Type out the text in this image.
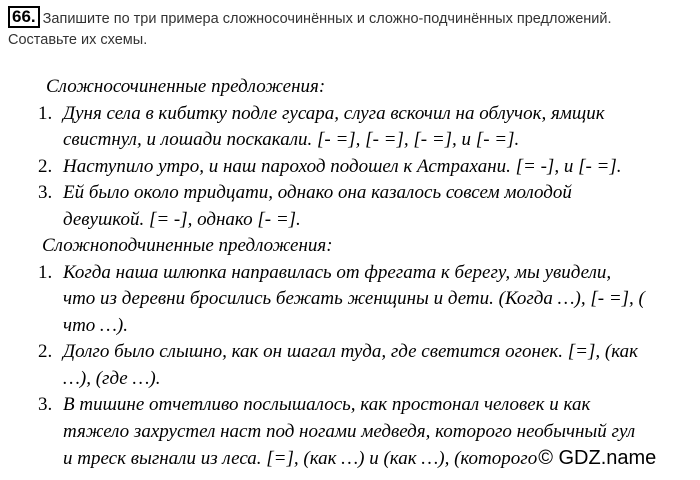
66. Запишите по три примера сложносочинённых и сложно-подчинённых предложений.
Составьте их схемы.
Сложносочиненные предложения:
1. Дуня села в кибитку подле гусара, слуга вскочил на облучок, ямщик
свистнул, и лошади поскакали. [- =], [- =], [- =], и [- =].
2. Наступило утро, и наш пароход подошел к Астрахани. [= -], и [- =].
3. Ей было около тридцати, однако она казалось совсем молодой
девушкой. [= -], однако [- =].
Сложноподчиненные предложения:
1. Когда наша шлюпка направилась от фрегата к берегу, мы увидели,
что из деревни бросились бежать женщины и дети. (Когда …), [- =], (
что …).
2. Долго было слышно, как он шагал туда, где светится огонек. [=], (как
…), (где …).
3. В тишине отчетливо послышалось, как простонал человек и как
тяжело захрустел наст под ногами медведя, которого необычный гул
и треск выгнали из леса. [=], (как …) и (как …), (которого © GDZ.name
